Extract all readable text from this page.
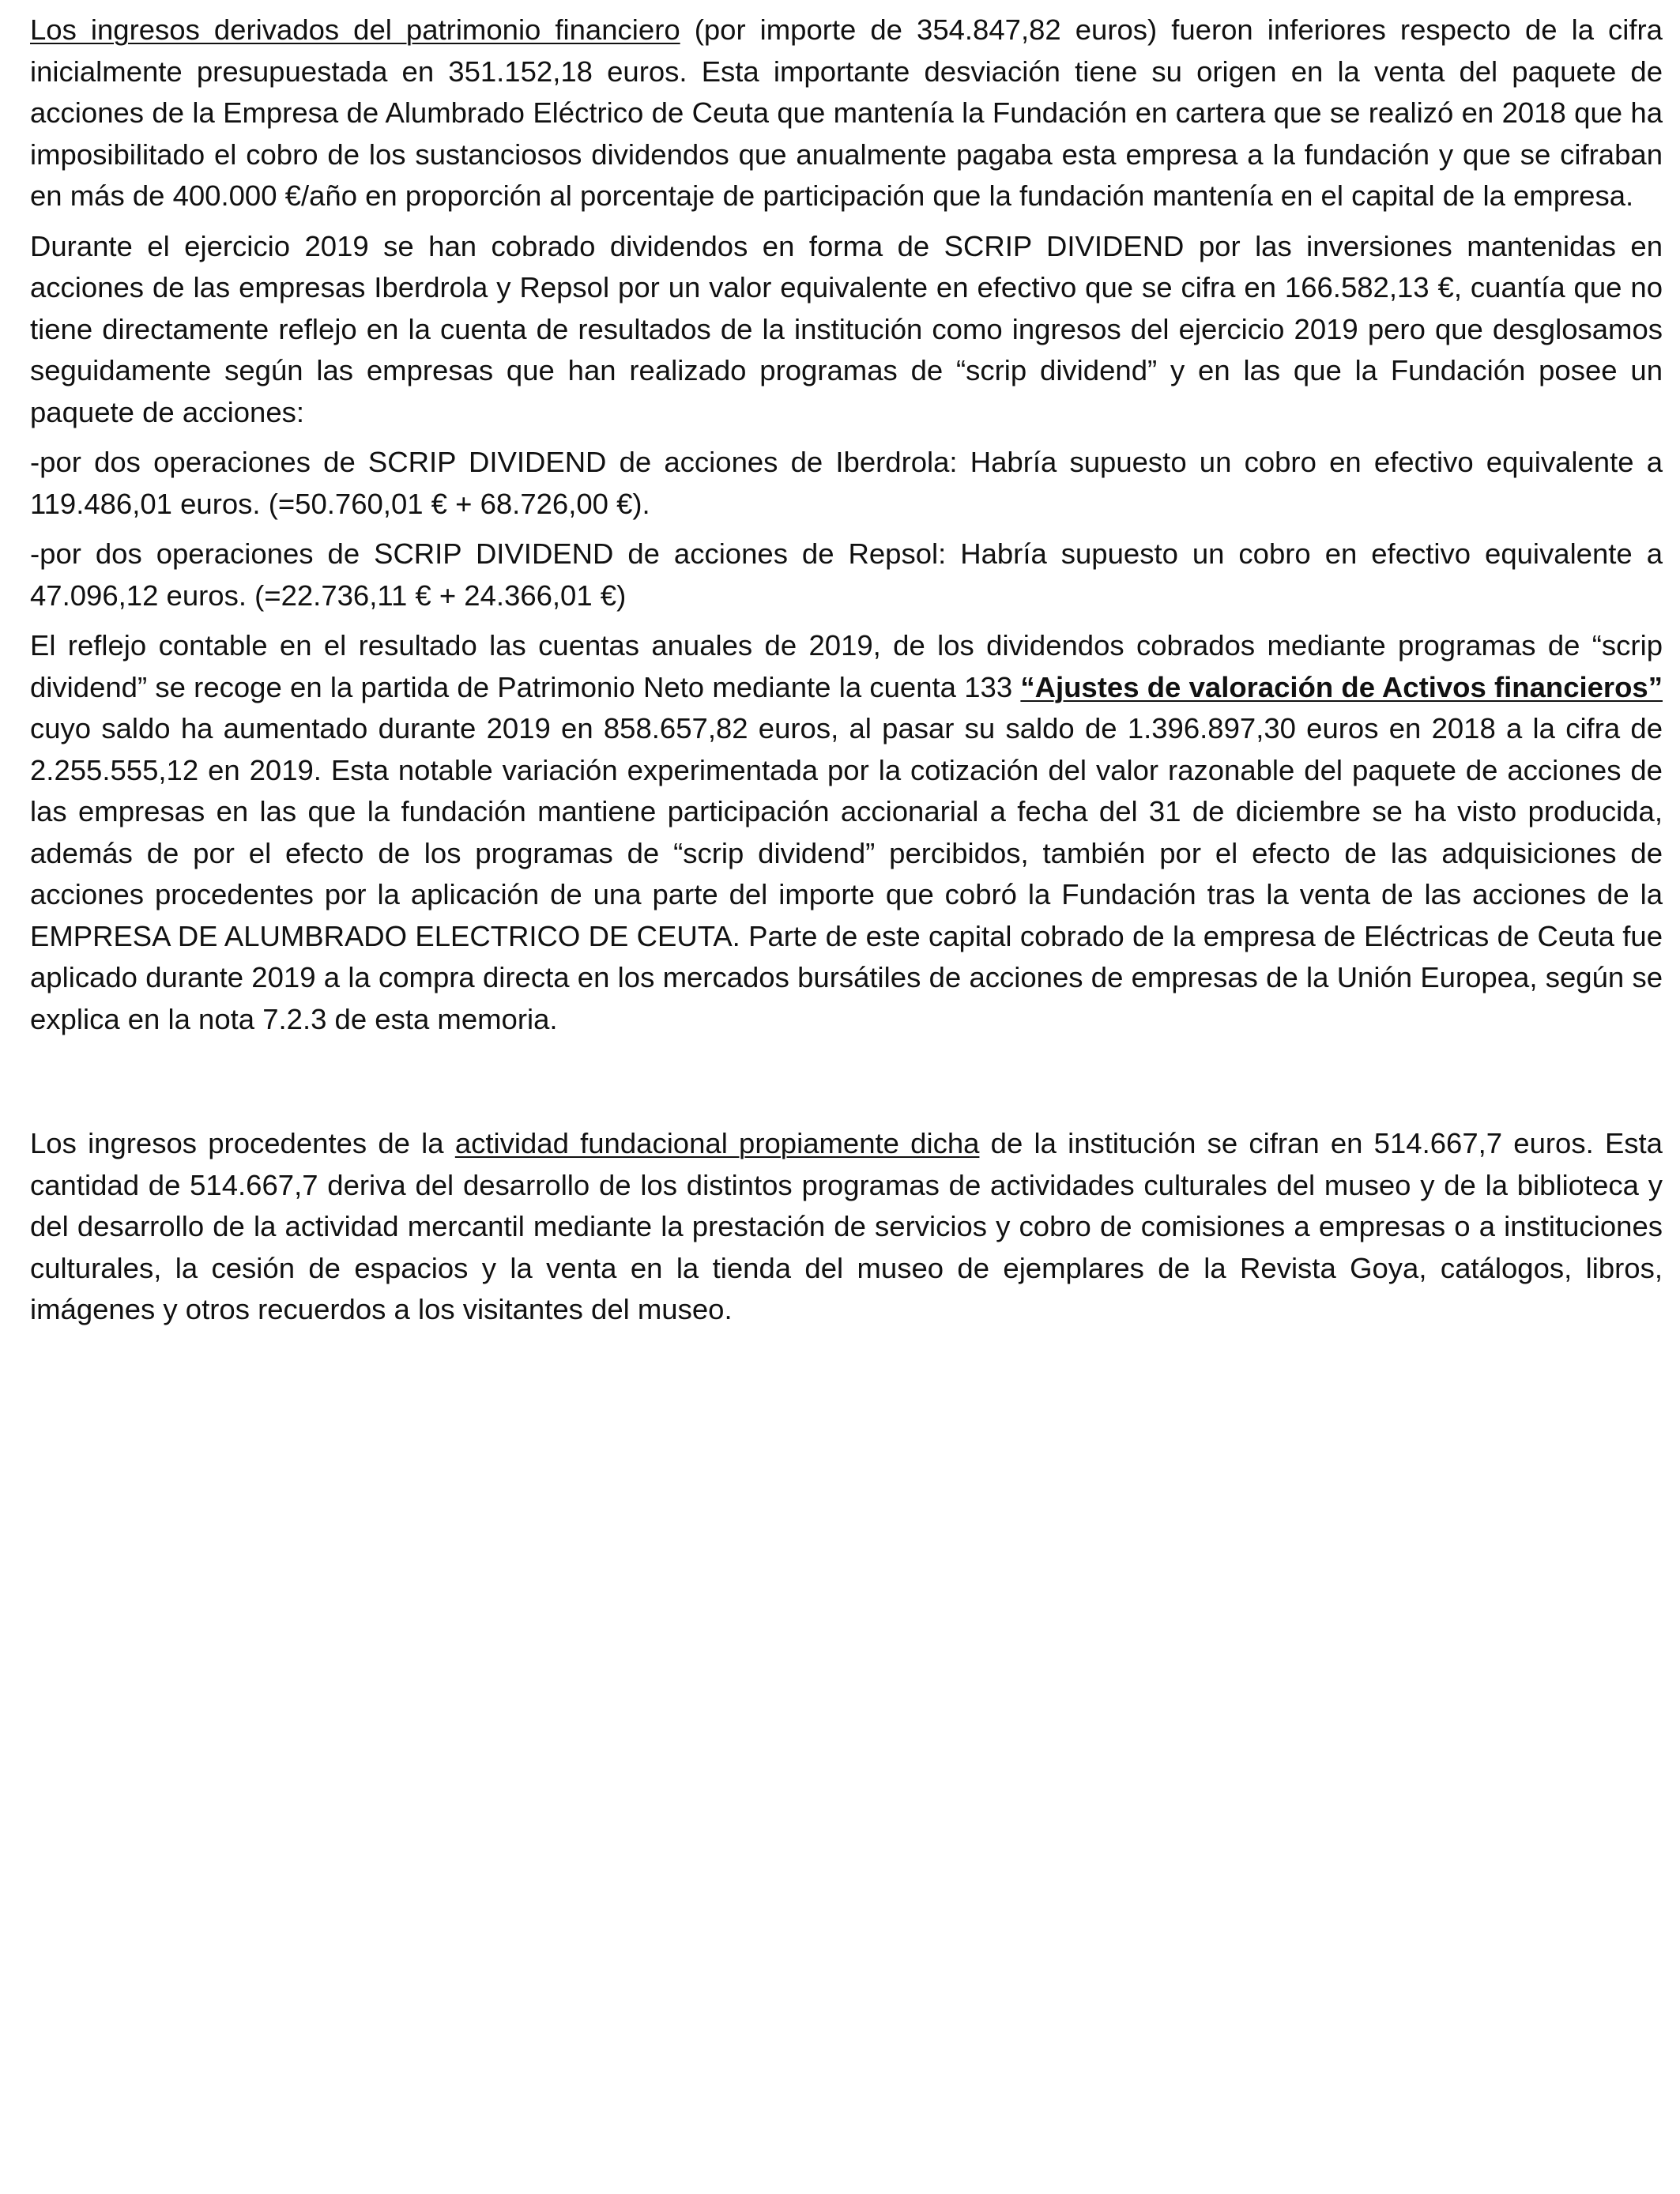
Los ingresos derivados del patrimonio financiero (por importe de 354.847,82 euros) fueron inferiores respecto de la cifra inicialmente presupuestada en 351.152,18 euros. Esta importante desviación tiene su origen en la venta del paquete de acciones de la Empresa de Alumbrado Eléctrico de Ceuta que mantenía la Fundación en cartera que se realizó en 2018 que ha imposibilitado el cobro de los sustanciosos dividendos que anualmente pagaba esta empresa a la fundación y que se cifraban en más de 400.000 €/año en proporción al porcentaje de participación que la fundación mantenía en el capital de la empresa.

Durante el ejercicio 2019 se han cobrado dividendos en forma de SCRIP DIVIDEND por las inversiones mantenidas en acciones de las empresas Iberdrola y Repsol por un valor equivalente en efectivo que se cifra en 166.582,13 €, cuantía que no tiene directamente reflejo en la cuenta de resultados de la institución como ingresos del ejercicio 2019 pero que desglosamos seguidamente según las empresas que han realizado programas de “scrip dividend” y en las que la Fundación posee un paquete de acciones:

-por dos operaciones de SCRIP DIVIDEND de acciones de Iberdrola: Habría supuesto un cobro en efectivo equivalente a 119.486,01 euros. (=50.760,01 € + 68.726,00 €).

-por dos operaciones de SCRIP DIVIDEND de acciones de Repsol: Habría supuesto un cobro en efectivo equivalente a 47.096,12 euros. (=22.736,11 € + 24.366,01 €)

El reflejo contable en el resultado las cuentas anuales de 2019, de los dividendos cobrados mediante programas de “scrip dividend” se recoge en la partida de Patrimonio Neto mediante la cuenta 133 “Ajustes de valoración de Activos financieros” cuyo saldo ha aumentado durante 2019 en 858.657,82 euros, al pasar su saldo de 1.396.897,30 euros en 2018 a la cifra de 2.255.555,12 en 2019. Esta notable variación experimentada por la cotización del valor razonable del paquete de acciones de las empresas en las que la fundación mantiene participación accionarial a fecha del 31 de diciembre se ha visto producida, además de por el efecto de los programas de “scrip dividend” percibidos, también por el efecto de las adquisiciones de acciones procedentes por la aplicación de una parte del importe que cobró la Fundación tras la venta de las acciones de la EMPRESA DE ALUMBRADO ELECTRICO DE CEUTA. Parte de este capital cobrado de la empresa de Eléctricas de Ceuta fue aplicado durante 2019 a la compra directa en los mercados bursátiles de acciones de empresas de la Unión Europea, según se explica en la nota 7.2.3 de esta memoria.

Los ingresos procedentes de la actividad fundacional propiamente dicha de la institución se cifran en 514.667,7 euros. Esta cantidad de 514.667,7 deriva del desarrollo de los distintos programas de actividades culturales del museo y de la biblioteca y del desarrollo de la actividad mercantil mediante la prestación de servicios y cobro de comisiones a empresas o a instituciones culturales, la cesión de espacios y la venta en la tienda del museo de ejemplares de la Revista Goya, catálogos, libros, imágenes y otros recuerdos a los visitantes del museo.
